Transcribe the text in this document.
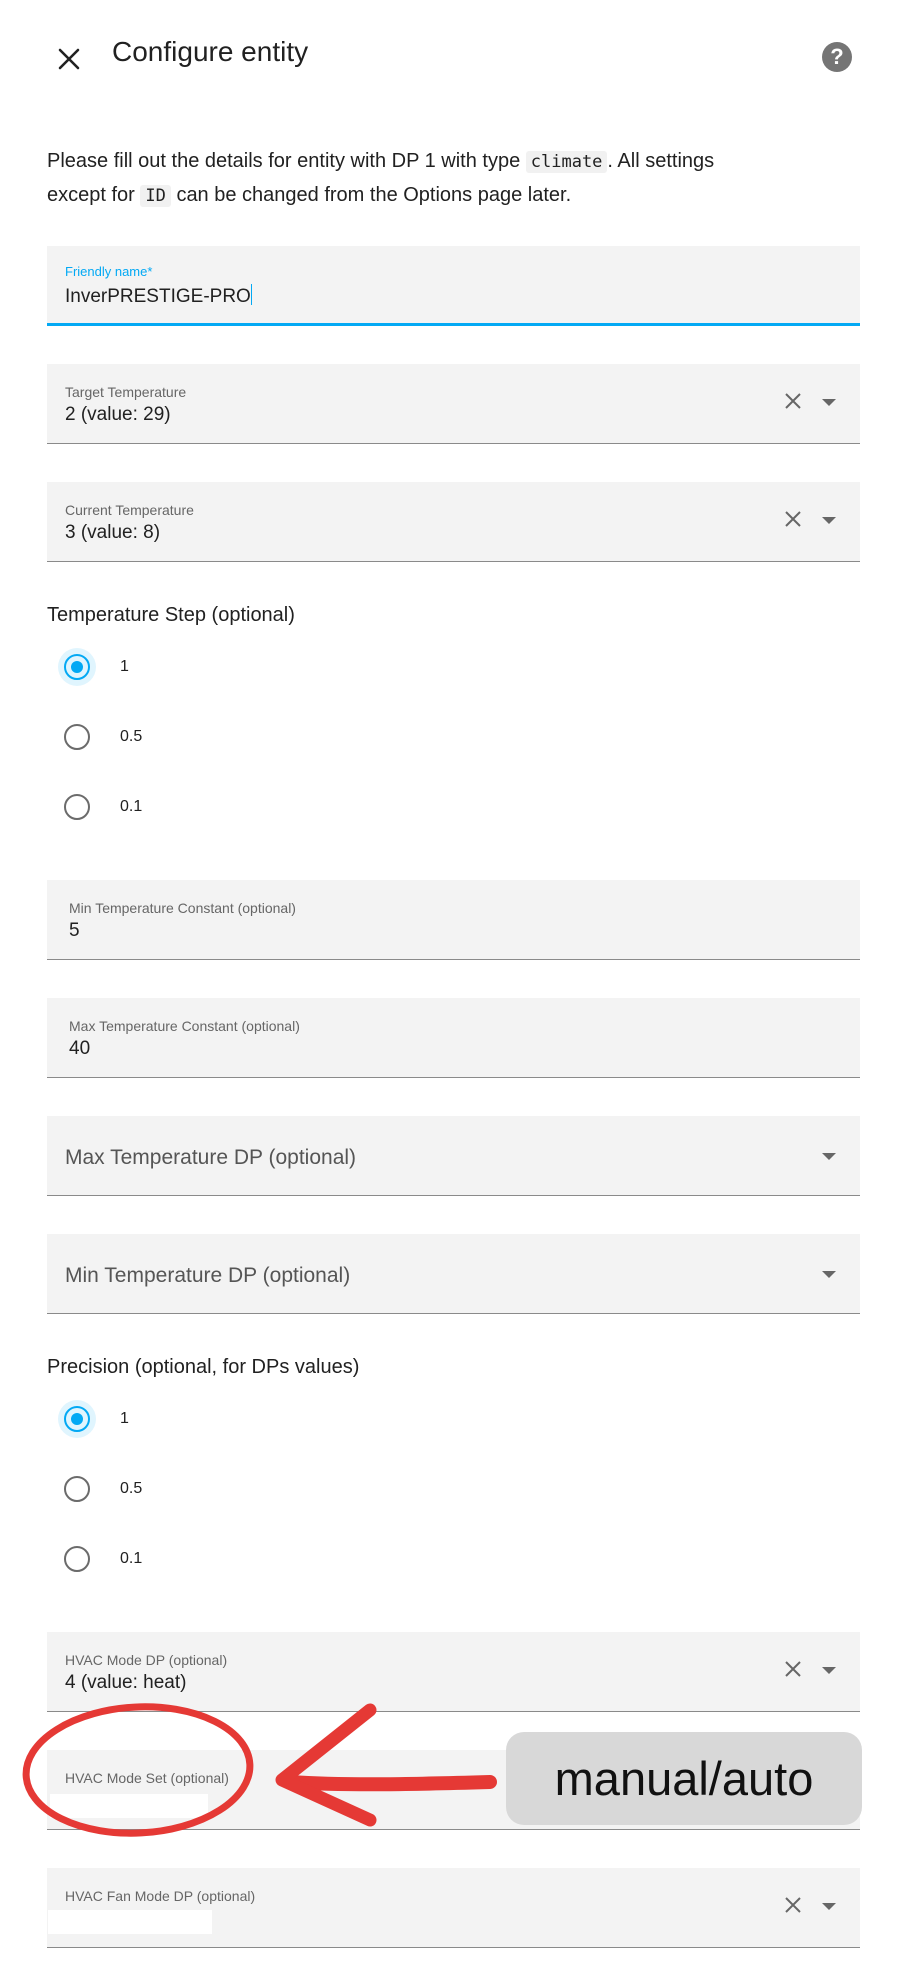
Configure entity	?
Please fill out the details for entity with DP 1 with type climate . All settings
except for ID can be changed from the Options page later.
Friendly name*
InverPRESTIGE-PRO
Target Temperature
2 (value: 29)
Current Temperature
3 (value: 8)
Temperature Step (optional)
1
0.5
0.1
Min Temperature Constant (optional)
5
Max Temperature Constant (optional)
40
Max Temperature DP (optional)
Min Temperature DP (optional)
Precision (optional, for DPs values)
1
0.5
0.1
HVAC Mode DP (optional)
4 (value: heat)
HVAC Mode Set (optional)
HVAC Fan Mode DP (optional)
manual/auto
